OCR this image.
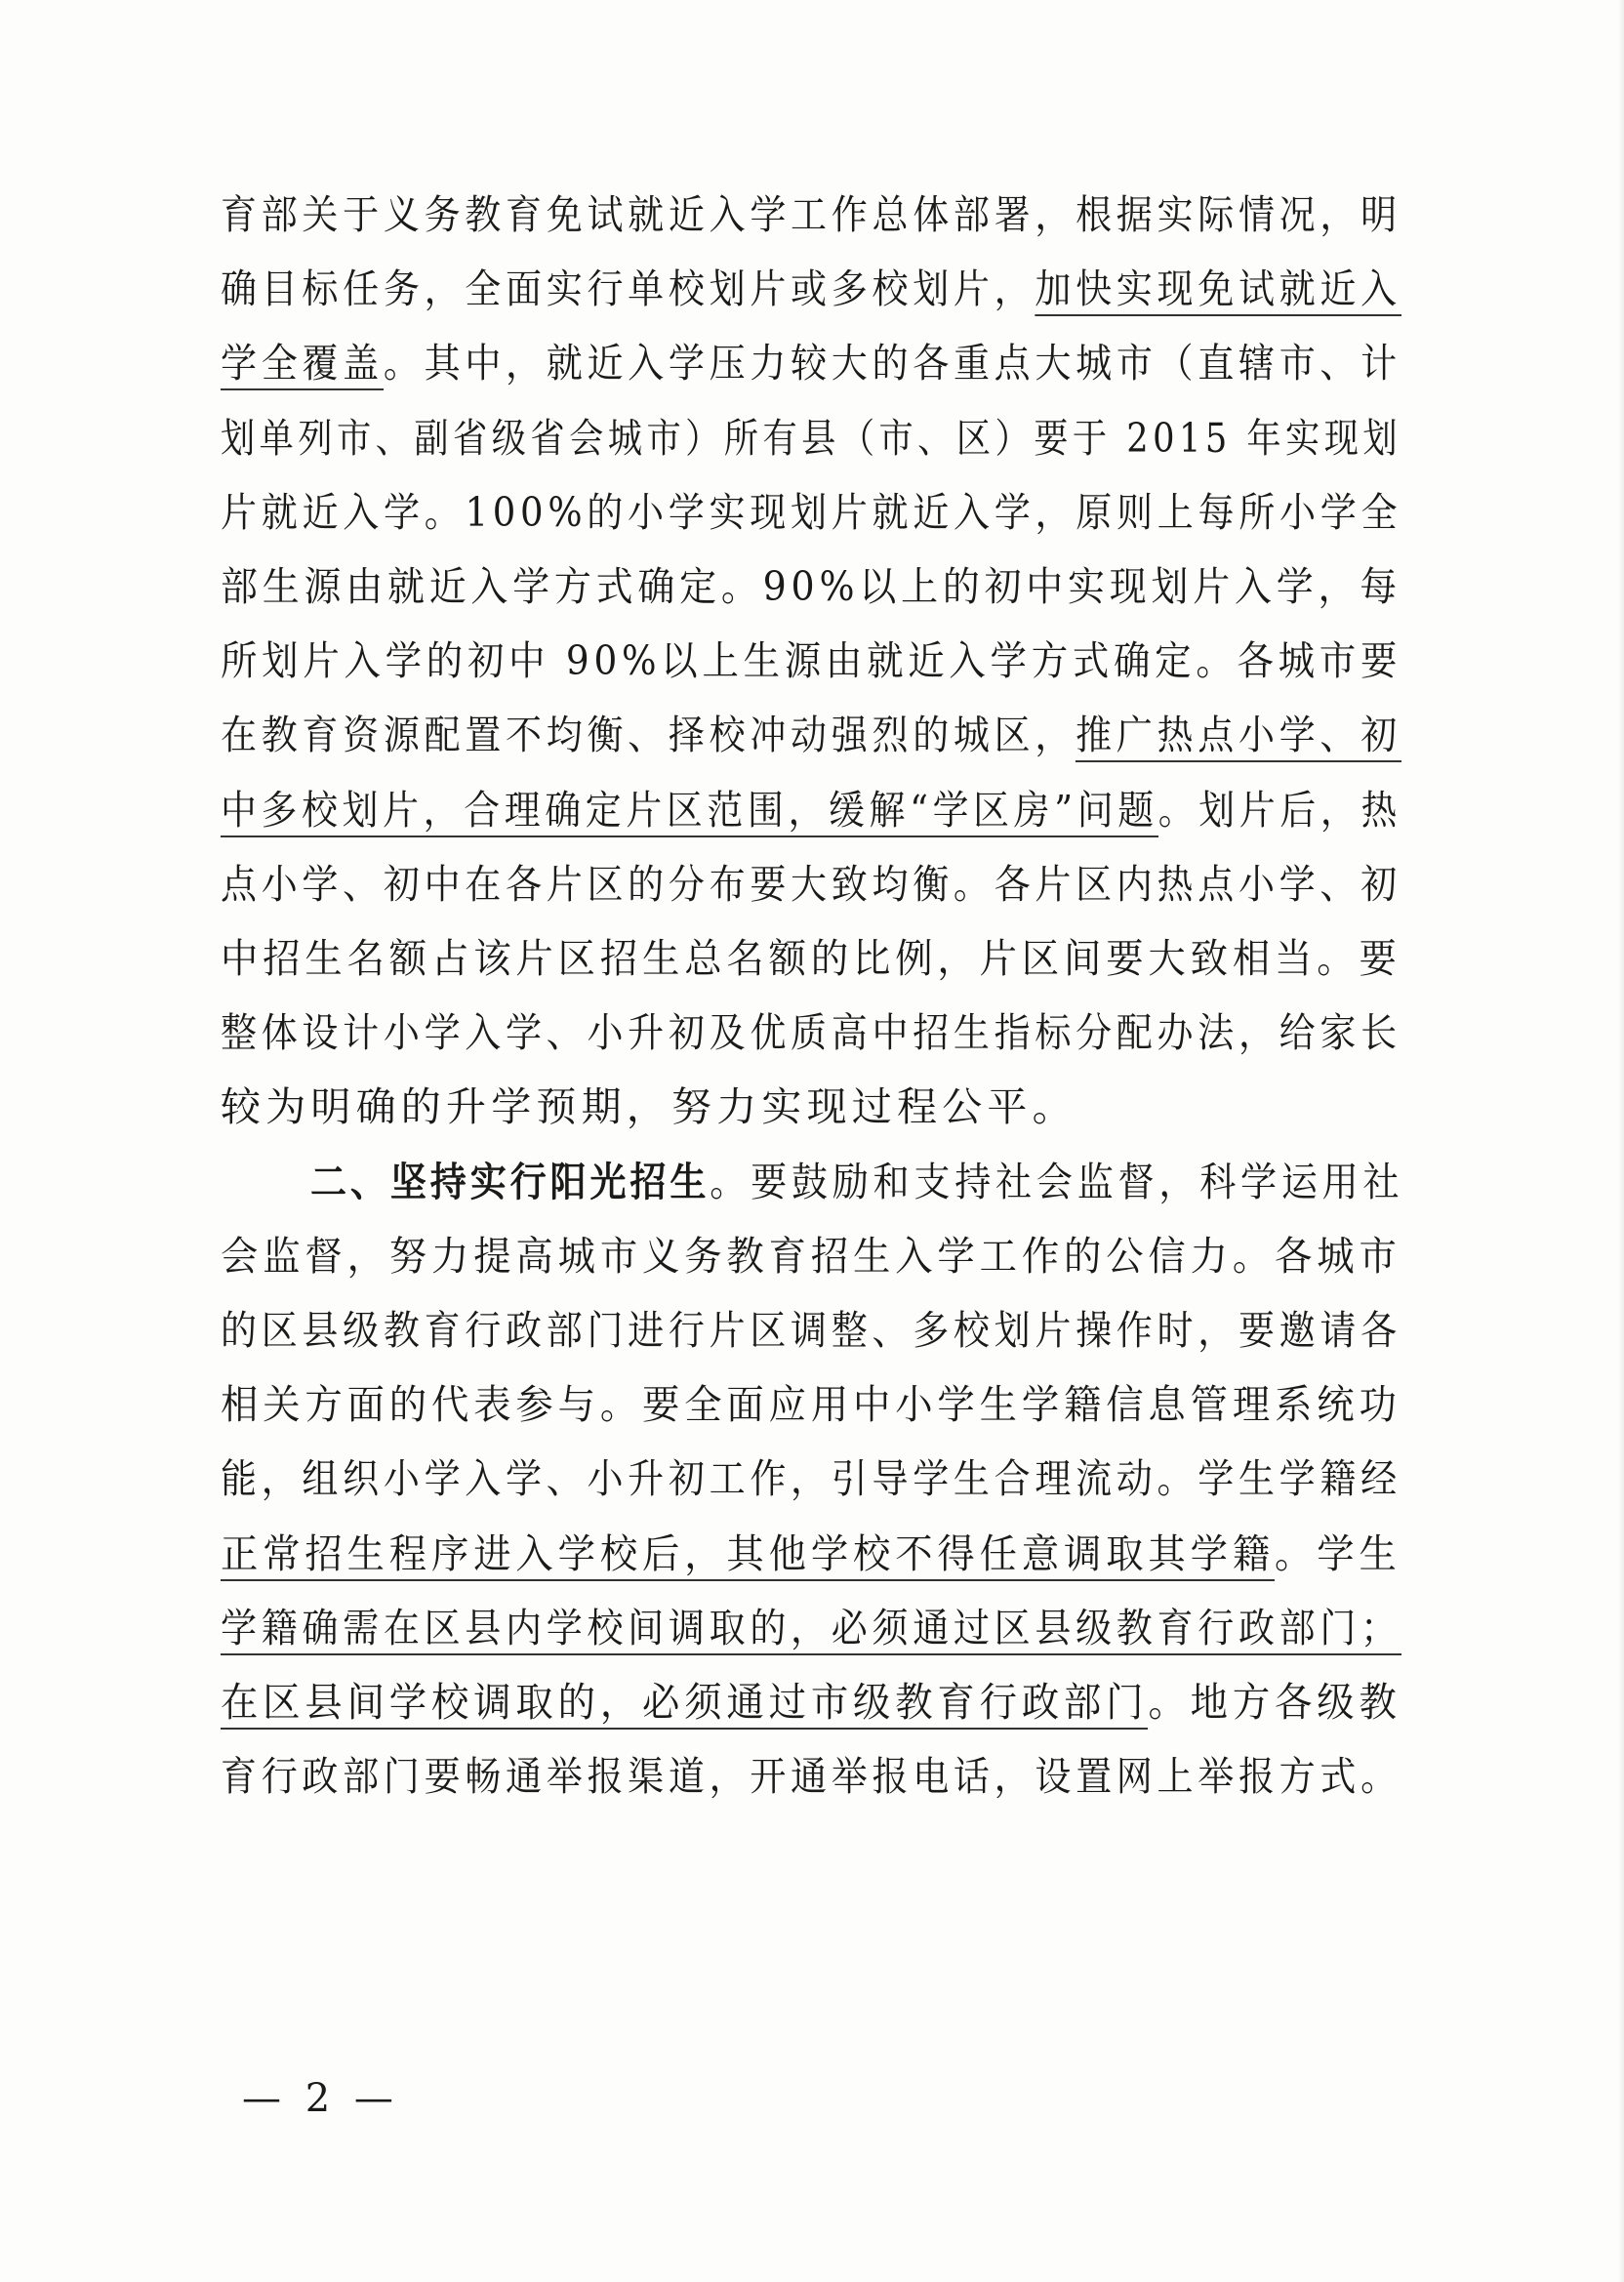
育部关于义务教育免试就近入学工作总体部署，根据实际情况，明
确目标任务，全面实行单校划片或多校划片，加快实现免试就近入
学全覆盖。其中，就近入学压力较大的各重点大城市（直辖市、计
划单列市、副省级省会城市）所有县（市、区）要于 2015 年实现划
片就近入学。100%的小学实现划片就近入学，原则上每所小学全
部生源由就近入学方式确定。90%以上的初中实现划片入学，每
所划片入学的初中 90%以上生源由就近入学方式确定。各城市要
在教育资源配置不均衡、择校冲动强烈的城区，推广热点小学、初
中多校划片，合理确定片区范围，缓解“学区房”问题。划片后，热
点小学、初中在各片区的分布要大致均衡。各片区内热点小学、初
中招生名额占该片区招生总名额的比例，片区间要大致相当。要
整体设计小学入学、小升初及优质高中招生指标分配办法，给家长
较为明确的升学预期，努力实现过程公平。
二、坚持实行阳光招生。要鼓励和支持社会监督，科学运用社
会监督，努力提高城市义务教育招生入学工作的公信力。各城市
的区县级教育行政部门进行片区调整、多校划片操作时，要邀请各
相关方面的代表参与。要全面应用中小学生学籍信息管理系统功
能，组织小学入学、小升初工作，引导学生合理流动。学生学籍经
正常招生程序进入学校后，其他学校不得任意调取其学籍。学生
学籍确需在区县内学校间调取的，必须通过区县级教育行政部门；
在区县间学校调取的，必须通过市级教育行政部门。地方各级教
育行政部门要畅通举报渠道，开通举报电话，设置网上举报方式。
— 2 —
